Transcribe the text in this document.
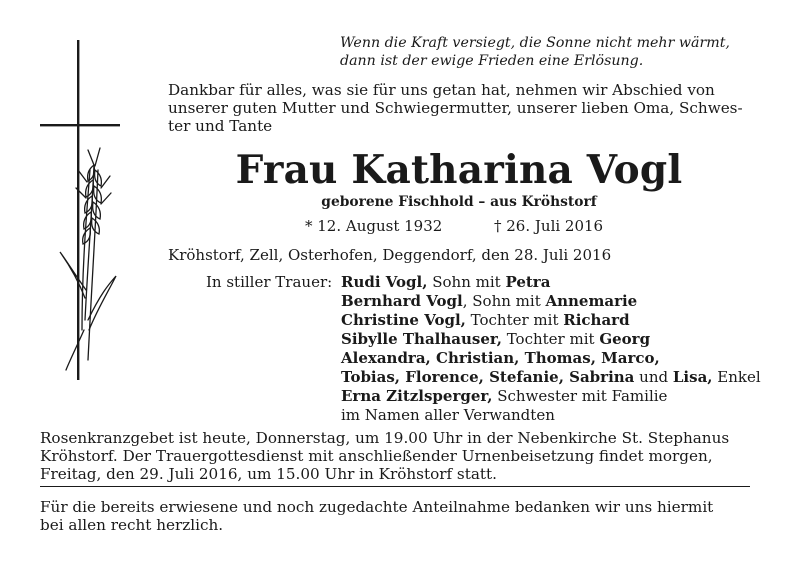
Wenn die Kraft versiegt, die Sonne nicht mehr wärmt,
dann ist der ewige Frieden eine Erlösung.
Dankbar für alles, was sie für uns getan hat, nehmen wir Abschied von
unserer guten Mutter und Schwiegermutter, unserer lieben Oma, Schwes-
ter und Tante
Frau Katharina Vogl
geborene Fischhold – aus Kröhstorf
* 12. August 1932	† 26. Juli 2016
Kröhstorf, Zell, Osterhofen, Deggendorf, den 28. Juli 2016
In stiller Trauer: Rudi Vogl, Sohn mit Petra
Bernhard Vogl, Sohn mit Annemarie
Christine Vogl, Tochter mit Richard
Sibylle Thalhauser, Tochter mit Georg
Alexandra, Christian, Thomas, Marco,
Tobias, Florence, Stefanie, Sabrina und Lisa, Enkel
Erna Zitzlsperger, Schwester mit Familie
im Namen aller Verwandten
Rosenkranzgebet ist heute, Donnerstag, um 19.00 Uhr in der Nebenkirche St. Stephanus
Kröhstorf. Der Trauergottesdienst mit anschließender Urnenbeisetzung findet morgen,
Freitag, den 29. Juli 2016, um 15.00 Uhr in Kröhstorf statt.
Für die bereits erwiesene und noch zugedachte Anteilnahme bedanken wir uns hiermit
bei allen recht herzlich.
